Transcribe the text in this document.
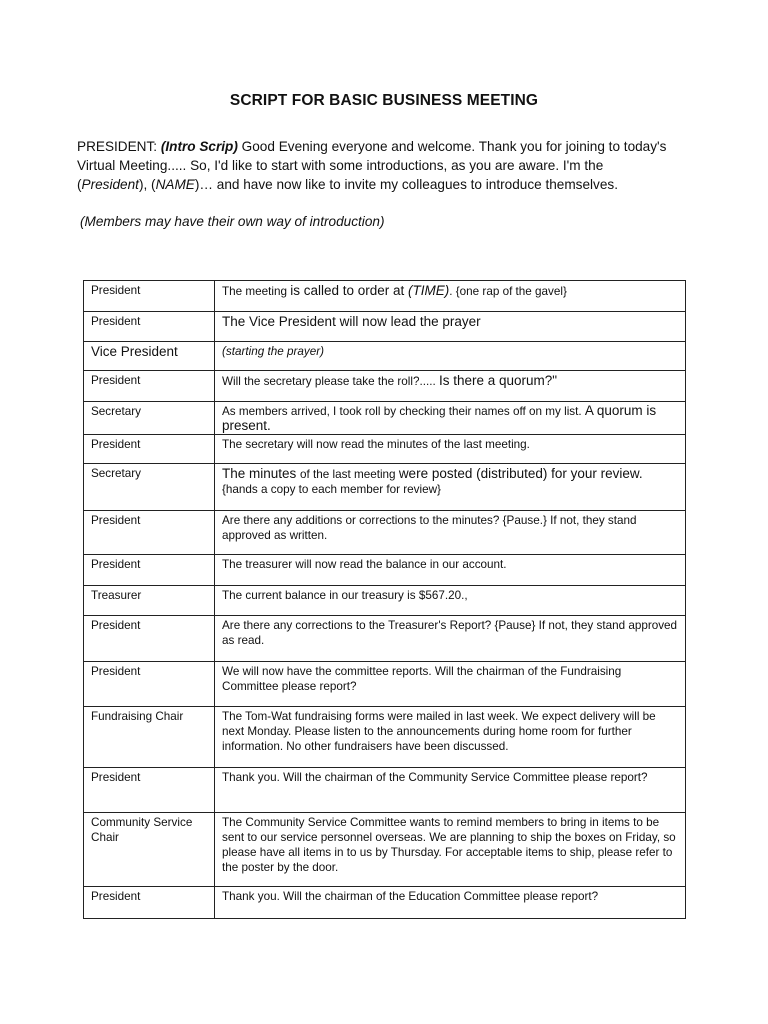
SCRIPT FOR BASIC BUSINESS MEETING
PRESIDENT: (Intro Scrip) Good Evening everyone and welcome. Thank you for joining to today's
Virtual Meeting..... So, I'd like to start with some introductions, as you are aware. I'm the
(President), (NAME)… and have now like to invite my colleagues to introduce themselves.
(Members may have their own way of introduction)
President	The meeting is called to order at (TIME). {one rap of the gavel}
President	The Vice President will now lead the prayer
Vice President	(starting the prayer)
President	Will the secretary please take the roll?..... Is there a quorum?"
Secretary	As members arrived, I took roll by checking their names off on my list. A quorum is present.
President	The secretary will now read the minutes of the last meeting.
Secretary	The minutes of the last meeting were posted (distributed) for your review.
{hands a copy to each member for review}
President	Are there any additions or corrections to the minutes? {Pause.} If not, they stand approved as written.
President	The treasurer will now read the balance in our account.
Treasurer	The current balance in our treasury is $567.20.,
President	Are there any corrections to the Treasurer's Report? {Pause} If not, they stand approved as read.
President	We will now have the committee reports. Will the chairman of the Fundraising Committee please report?
Fundraising Chair	The Tom-Wat fundraising forms were mailed in last week. We expect delivery will be next Monday. Please listen to the announcements during home room for further information. No other fundraisers have been discussed.
President	Thank you. Will the chairman of the Community Service Committee please report?
Community Service Chair	The Community Service Committee wants to remind members to bring in items to be sent to our service personnel overseas. We are planning to ship the boxes on Friday, so please have all items in to us by Thursday. For acceptable items to ship, please refer to the poster by the door.
President	Thank you. Will the chairman of the Education Committee please report?
